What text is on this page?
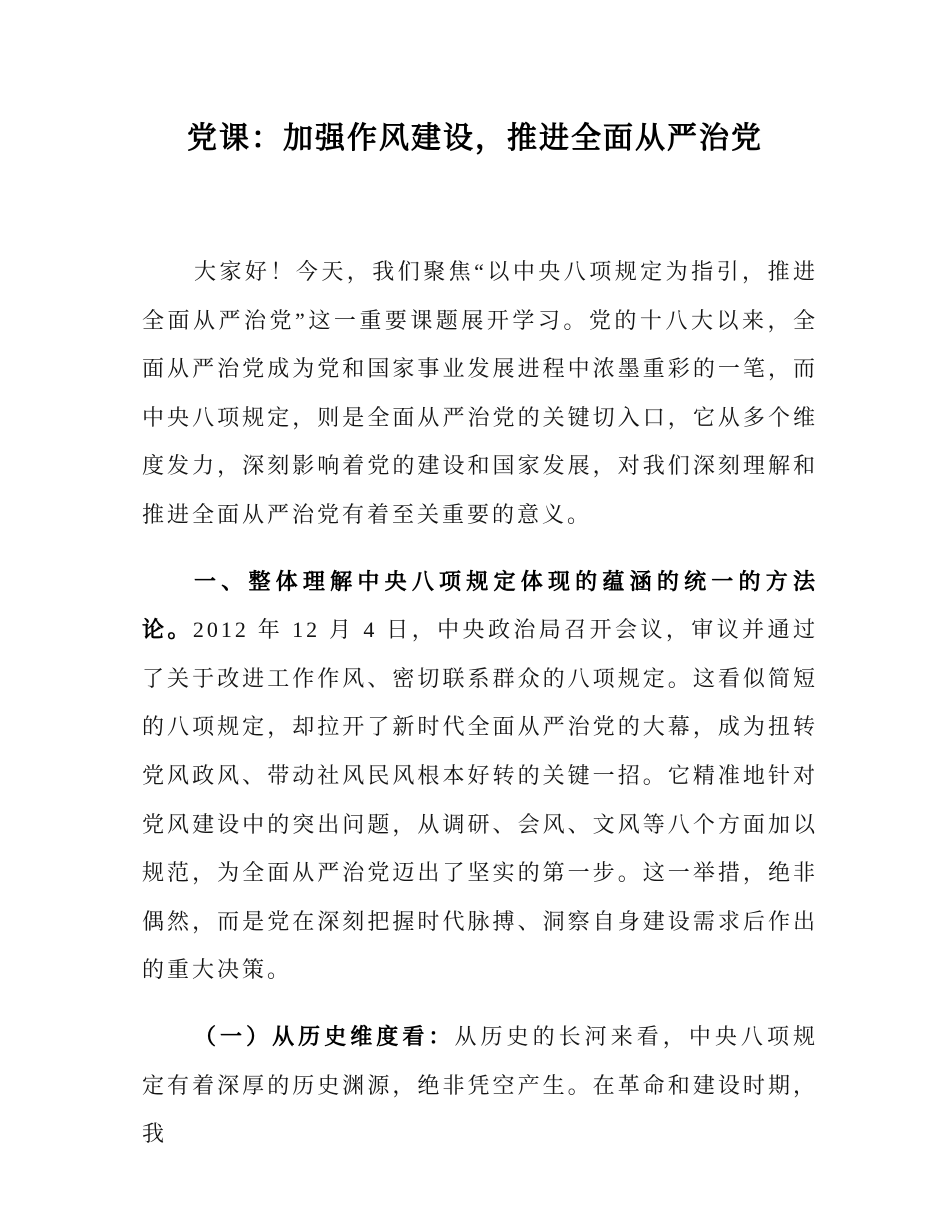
党课：加强作风建设，推进全面从严治党

大家好！今天，我们聚焦“以中央八项规定为指引，推进全面从严治党”这一重要课题展开学习。党的十八大以来，全面从严治党成为党和国家事业发展进程中浓墨重彩的一笔，而中央八项规定，则是全面从严治党的关键切入口，它从多个维度发力，深刻影响着党的建设和国家发展，对我们深刻理解和推进全面从严治党有着至关重要的意义。

一、整体理解中央八项规定体现的蕴涵的统一的方法论。2012 年 12 月 4 日，中央政治局召开会议，审议并通过了关于改进工作作风、密切联系群众的八项规定。这看似简短的八项规定，却拉开了新时代全面从严治党的大幕，成为扭转党风政风、带动社风民风根本好转的关键一招。它精准地针对党风建设中的突出问题，从调研、会风、文风等八个方面加以规范，为全面从严治党迈出了坚实的第一步。这一举措，绝非偶然，而是党在深刻把握时代脉搏、洞察自身建设需求后作出的重大决策。

（一）从历史维度看：从历史的长河来看，中央八项规定有着深厚的历史渊源，绝非凭空产生。在革命和建设时期，我
